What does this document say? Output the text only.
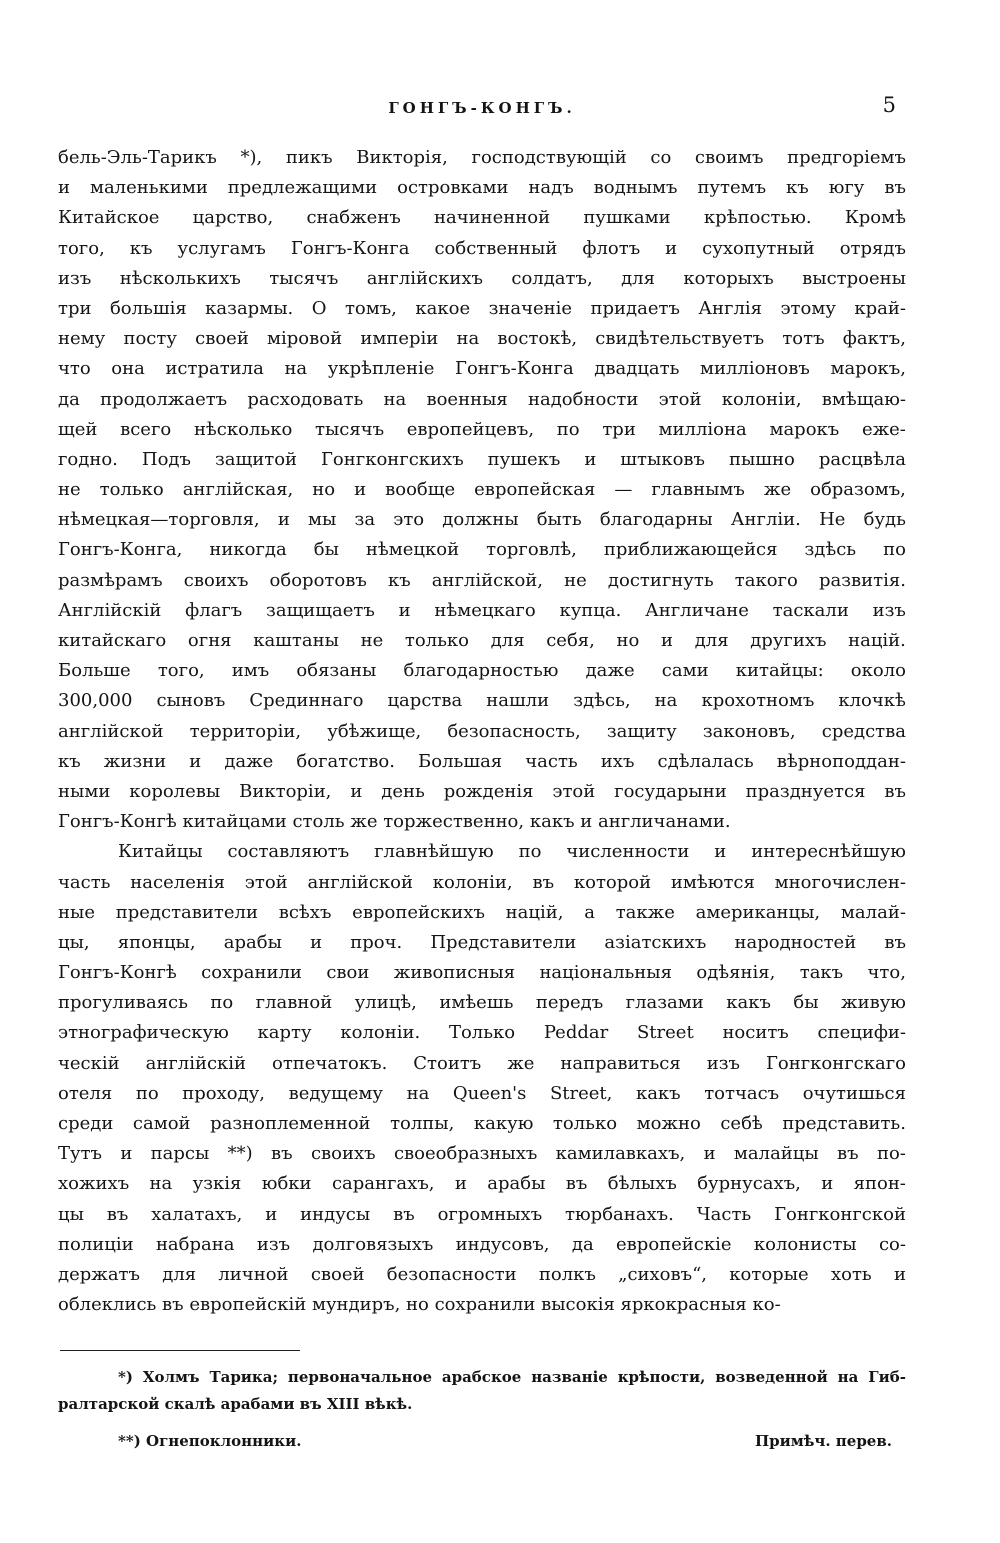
ГОНГЪ-КОНГЪ.	5
бель-Эль-Тарикъ *), пикъ Викторія, господствующій со своимъ предгоріемъ
и маленькими предлежащими островками надъ воднымъ путемъ къ югу въ
Китайское царство, снабженъ начиненной пушками крѣпостью. Кромѣ
того, къ услугамъ Гонгъ-Конга собственный флотъ и сухопутный отрядъ
изъ нѣсколькихъ тысячъ англійскихъ солдатъ, для которыхъ выстроены
три большія казармы. О томъ, какое значеніе придаетъ Англія этому край-
нему посту своей міровой имперіи на востокѣ, свидѣтельствуетъ тотъ фактъ,
что она истратила на укрѣпленіе Гонгъ-Конга двадцать милліоновъ марокъ,
да продолжаетъ расходовать на военныя надобности этой колоніи, вмѣщаю-
щей всего нѣсколько тысячъ европейцевъ, по три милліона марокъ еже-
годно. Подъ защитой Гонгконгскихъ пушекъ и штыковъ пышно расцвѣла
не только англійская, но и вообще европейская — главнымъ же образомъ,
нѣмецкая—торговля, и мы за это должны быть благодарны Англіи. Не будь
Гонгъ-Конга, никогда бы нѣмецкой торговлѣ, приближающейся здѣсь по
размѣрамъ своихъ оборотовъ къ англійской, не достигнуть такого развитія.
Англійскій флагъ защищаетъ и нѣмецкаго купца. Англичане таскали изъ
китайскаго огня каштаны не только для себя, но и для другихъ націй.
Больше того, имъ обязаны благодарностью даже сами китайцы: около
300,000 сыновъ Срединнаго царства нашли здѣсь, на крохотномъ клочкѣ
англійской территоріи, убѣжище, безопасность, защиту законовъ, средства
къ жизни и даже богатство. Большая часть ихъ сдѣлалась вѣрноподдан-
ными королевы Викторіи, и день рожденія этой государыни празднуется въ
Гонгъ-Конгѣ китайцами столь же торжественно, какъ и англичанами.
Китайцы составляютъ главнѣйшую по численности и интереснѣйшую
часть населенія этой англійской колоніи, въ которой имѣются многочислен-
ные представители всѣхъ европейскихъ націй, а также американцы, малай-
цы, японцы, арабы и проч. Представители азіатскихъ народностей въ
Гонгъ-Конгѣ сохранили свои живописныя національныя одѣянія, такъ что,
прогуливаясь по главной улицѣ, имѣешь передъ глазами какъ бы живую
этнографическую карту колоніи. Только Peddar Street носитъ специфи-
ческій англійскій отпечатокъ. Стоитъ же направиться изъ Гонгконгскаго
отеля по проходу, ведущему на Queen's Street, какъ тотчасъ очутишься
среди самой разноплеменной толпы, какую только можно себѣ представить.
Тутъ и парсы **) въ своихъ своеобразныхъ камилавкахъ, и малайцы въ по-
хожихъ на узкія юбки сарангахъ, и арабы въ бѣлыхъ бурнусахъ, и япон-
цы въ халатахъ, и индусы въ огромныхъ тюрбанахъ. Часть Гонгконгской
полиціи набрана изъ долговязыхъ индусовъ, да европейскіе колонисты со-
держатъ для личной своей безопасности полкъ „сиховъ“, которые хоть и
облеклись въ европейскій мундиръ, но сохранили высокія яркокрасныя ко-
*) Холмъ Тарика; первоначальное арабское названіе крѣпости, возведенной на Гиб-
ралтарской скалѣ арабами въ XIII вѣкѣ.
**) Огнепоклонники.	Примѣч. перев.
